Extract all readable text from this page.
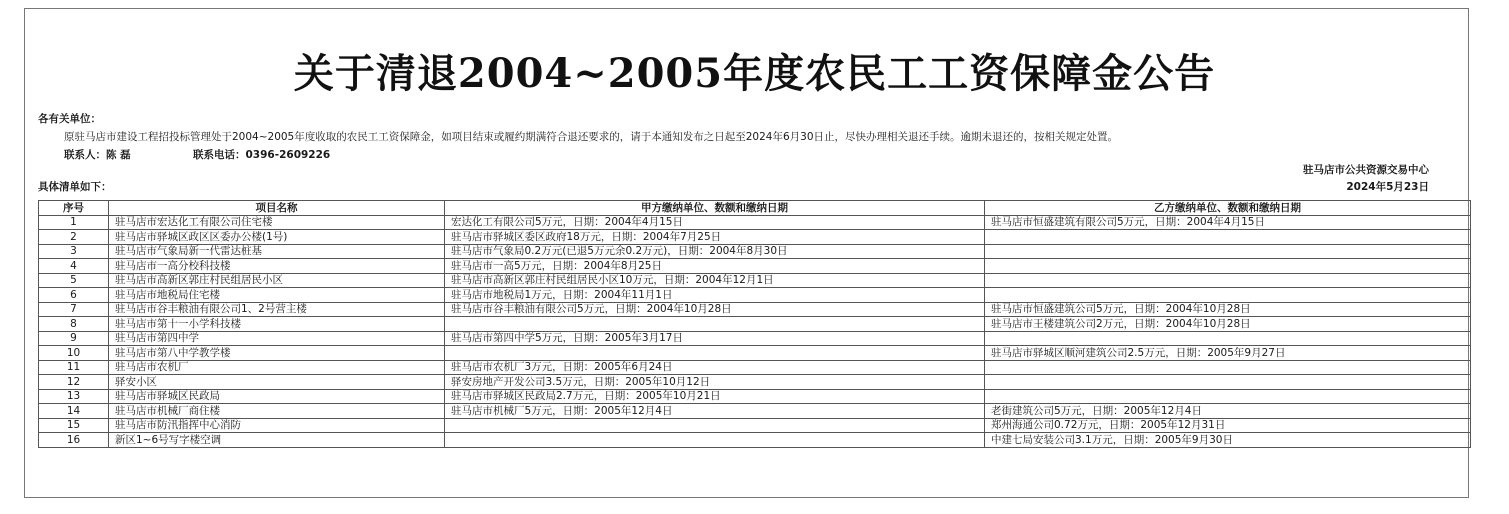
关于清退2004~2005年度农民工工资保障金公告
各有关单位：
原驻马店市建设工程招投标管理处于2004~2005年度收取的农民工工资保障金，如项目结束或履约期满符合退还要求的，请于本通知发布之日起至2024年6月30日止，尽快办理相关退还手续。逾期未退还的，按相关规定处置。
联系人：陈 磊	联系电话：0396-2609226
驻马店市公共资源交易中心
2024年5月23日
具体清单如下：
序号	项目名称	甲方缴纳单位、数额和缴纳日期	乙方缴纳单位、数额和缴纳日期
1	驻马店市宏达化工有限公司住宅楼	宏达化工有限公司5万元，日期：2004年4月15日	驻马店市恒盛建筑有限公司5万元，日期：2004年4月15日
2	驻马店市驿城区政区区委办公楼(1号)	驻马店市驿城区委区政府18万元，日期：2004年7月25日	
3	驻马店市气象局新一代雷达桩基	驻马店市气象局0.2万元(已退5万元余0.2万元)，日期：2004年8月30日	
4	驻马店市一高分校科技楼	驻马店市一高5万元，日期：2004年8月25日	
5	驻马店市高新区郭庄村民组居民小区	驻马店市高新区郭庄村民组居民小区10万元，日期：2004年12月1日	
6	驻马店市地税局住宅楼	驻马店市地税局1万元，日期：2004年11月1日	
7	驻马店市谷丰粮油有限公司1、2号营主楼	驻马店市谷丰粮油有限公司5万元，日期：2004年10月28日	驻马店市恒盛建筑公司5万元，日期：2004年10月28日
8	驻马店市第十一小学科技楼		驻马店市王楼建筑公司2万元，日期：2004年10月28日
9	驻马店市第四中学	驻马店市第四中学5万元，日期：2005年3月17日	
10	驻马店市第八中学教学楼		驻马店市驿城区顺河建筑公司2.5万元，日期：2005年9月27日
11	驻马店市农机厂	驻马店市农机厂3万元，日期：2005年6月24日	
12	驿安小区	驿安房地产开发公司3.5万元，日期：2005年10月12日	
13	驻马店市驿城区民政局	驻马店市驿城区民政局2.7万元，日期：2005年10月21日	
14	驻马店市机械厂商住楼	驻马店市机械厂5万元，日期：2005年12月4日	老街建筑公司5万元，日期：2005年12月4日
15	驻马店市防汛指挥中心消防		郑州海通公司0.72万元，日期：2005年12月31日
16	新区1~6号写字楼空调		中建七局安装公司3.1万元，日期：2005年9月30日
